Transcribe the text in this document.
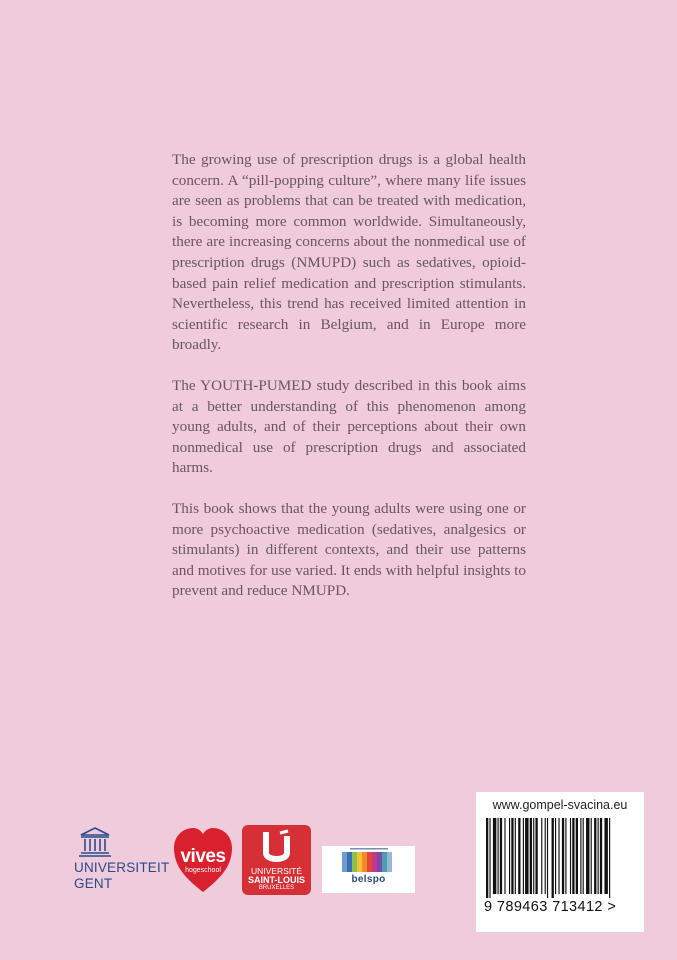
The growing use of prescription drugs is a global health concern. A “pill-popping culture”, where many life issues are seen as problems that can be treated with medication, is becoming more common worldwide. Simultaneously, there are increasing concerns about the nonmedical use of prescription drugs (NMUPD) such as sedatives, opioid-based pain relief medication and prescription stimulants. Nevertheless, this trend has received limited attention in scientific research in Belgium, and in Europe more broadly.

The YOUTH-PUMED study described in this book aims at a better understanding of this phenomenon among young adults, and of their perceptions about their own nonmedical use of prescription drugs and associated harms.

This book shows that the young adults were using one or more psychoactive medication (sedatives, analgesics or stimulants) in different contexts, and their use patterns and motives for use varied. It ends with helpful insights to prevent and reduce NMUPD.

UNIVERSITEIT
GENT
vives
hogeschool	UNIVERSITÉ
SAINT-LOUIS
BRUXELLES
belspo
www.gompel-svacina.eu
9 789463 713412 >
